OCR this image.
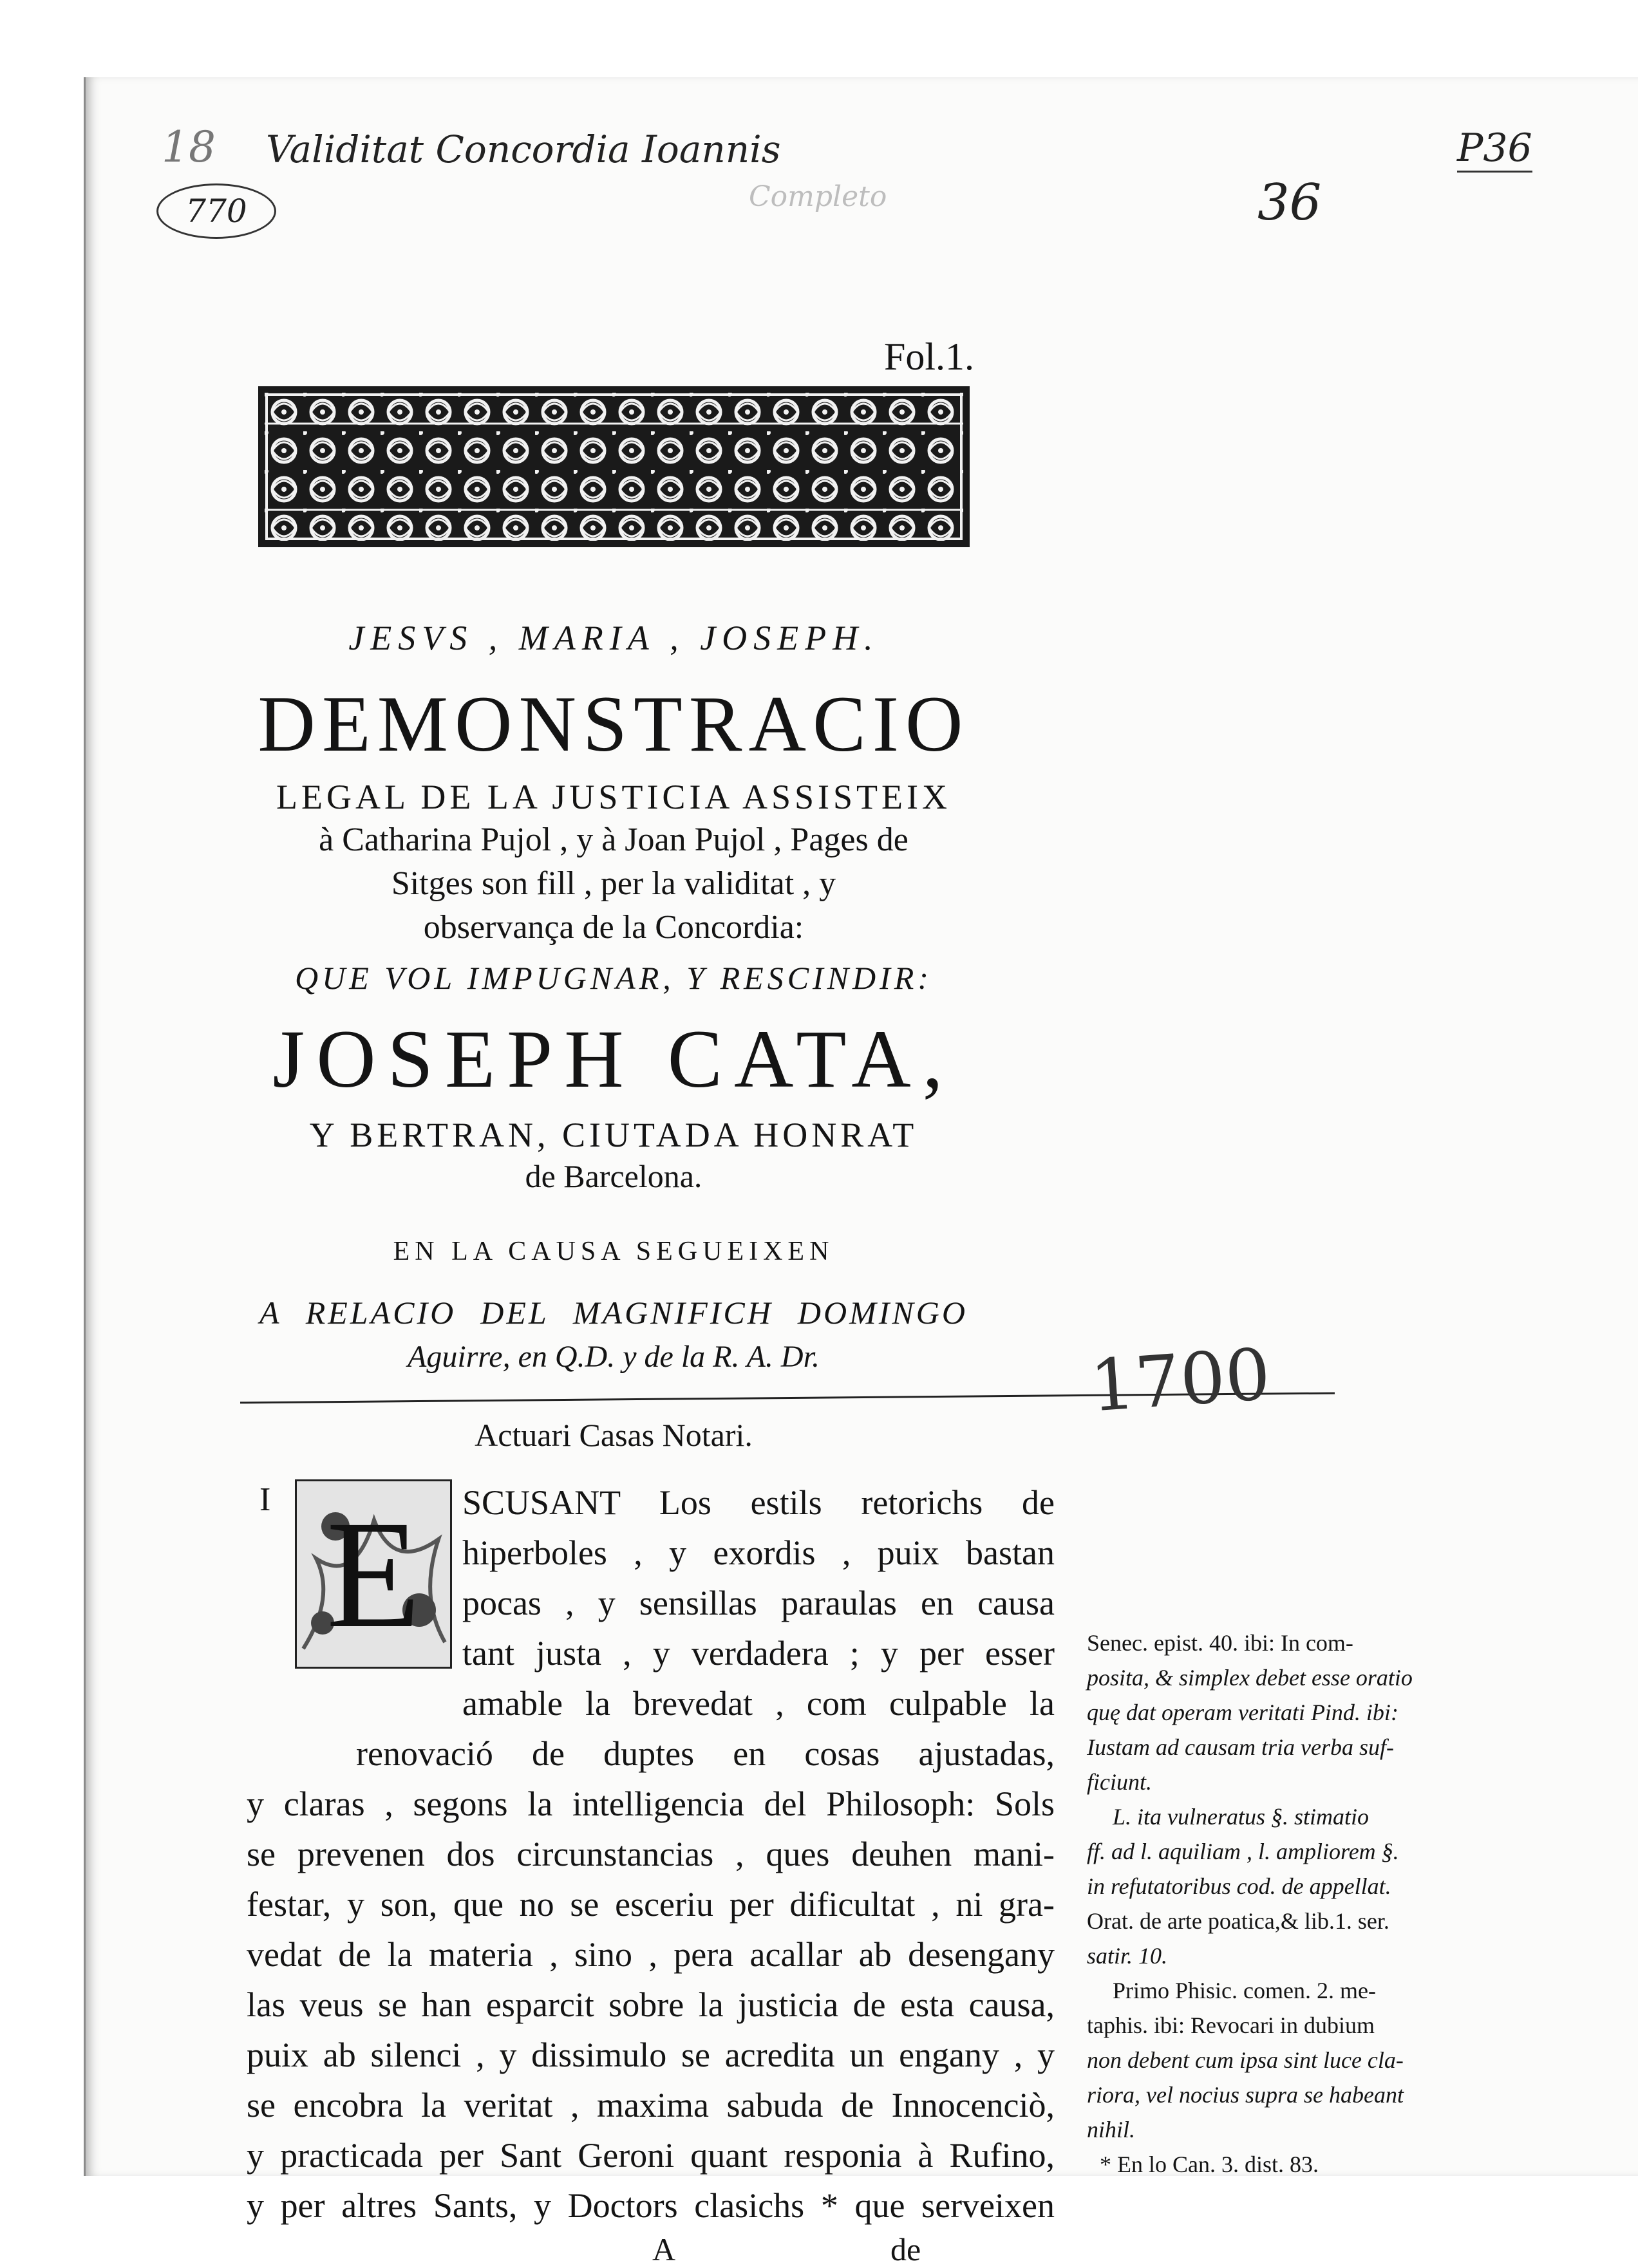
18 Validitat Concordia Ioannis
770	Completo	36
P36
Fol.1.
JESVS , MARIA , JOSEPH.
DEMONSTRACIO
LEGAL DE LA JUSTICIA ASSISTEIX
à Catharina Pujol , y à Joan Pujol , Pages de
Sitges son fill , per la validitat , y
observança de la Concordia:
QUE VOL IMPUGNAR, Y RESCINDIR:
JOSEPH CATA,
Y BERTRAN, CIUTADA HONRAT
de Barcelona.
EN LA CAUSA SEGUEIXEN
A RELACIO DEL MAGNIFICH DOMINGO
Aguirre, en Q.D. y de la R. A. Dr.
Actuari Casas Notari.
I E	SCUSANT Los estils retorichs de
hiperboles , y exordis , puix bastan
pocas , y sensillas paraulas en causa
tant justa , y verdadera ; y per esser
amable la brevedat , com culpable la
renovació de duptes en cosas ajustadas,
y claras , segons la intelligencia del Philosoph: Sols
se prevenen dos circunstancias , ques deuhen mani-
festar, y son, que no se esceriu per dificultat , ni gra-
vedat de la materia , sino , pera acallar ab desengany
las veus se han esparcit sobre la justicia de esta causa,
puix ab silenci , y dissimulo se acredita un engany , y
se encobra la veritat , maxima sabuda de Innocenciò,
y practicada per Sant Geroni quant responia à Rufino,
y per altres Sants, y Doctors clasichs * que serveixen
A	de
Senec. epist. 40. ibi: In com-
posita, & simplex debet esse oratio
quę dat operam veritati Pind. ibi:
Iustam ad causam tria verba suf-
ficiunt.
L. ita vulneratus §. stimatio
ff. ad l. aquiliam , l. ampliorem §.
in refutatoribus cod. de appellat.
Orat. de arte poatica,& lib.1. ser.
satir. 10.
Primo Phisic. comen. 2. me-
taphis. ibi: Revocari in dubium
non debent cum ipsa sint luce cla-
riora, vel nocius supra se habeant
nihil.
* En lo Can. 3. dist. 83.
1700
